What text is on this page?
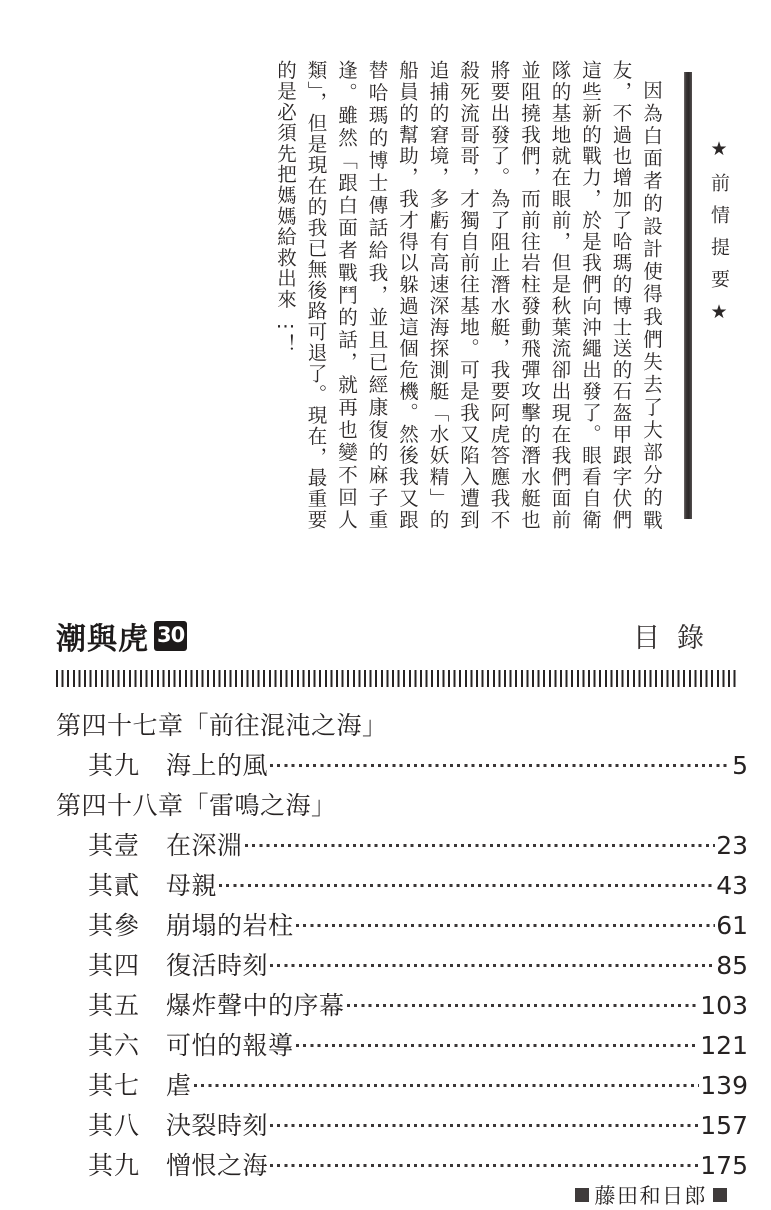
★前情提要★

因為白面者的設計使得我們失去了大部分的戰友，不過也增加了哈瑪的博士送的石盔甲跟字伏們這些新的戰力，於是我們向沖繩出發了。眼看自衛隊的基地就在眼前，但是秋葉流卻出現在我們面前並阻撓我們，而前往岩柱發動飛彈攻擊的潛水艇也將要出發了。為了阻止潛水艇，我要阿虎答應我不殺死流哥哥，才獨自前往基地。可是我又陷入遭到追捕的窘境，多虧有高速深海探測艇「水妖精」的船員的幫助，我才得以躲過這個危機。然後我又跟替哈瑪的博士傳話給我，並且已經康復的麻子重逢。雖然「跟白面者戰鬥的話，就再也變不回人類」，但是現在的我已無後路可退了。現在，最重要的是必須先把媽媽給救出來…！

潮與虎 30	目錄
第四十七章「前往混沌之海」
其九	海上的風	5
第四十八章「雷鳴之海」
其壹	在深淵	23
其貳	母親	43
其參	崩塌的岩柱	61
其四	復活時刻	85
其五	爆炸聲中的序幕	103
其六	可怕的報導	121
其七	虐	139
其八	決裂時刻	157
其九	憎恨之海	175
藤田和日郎
